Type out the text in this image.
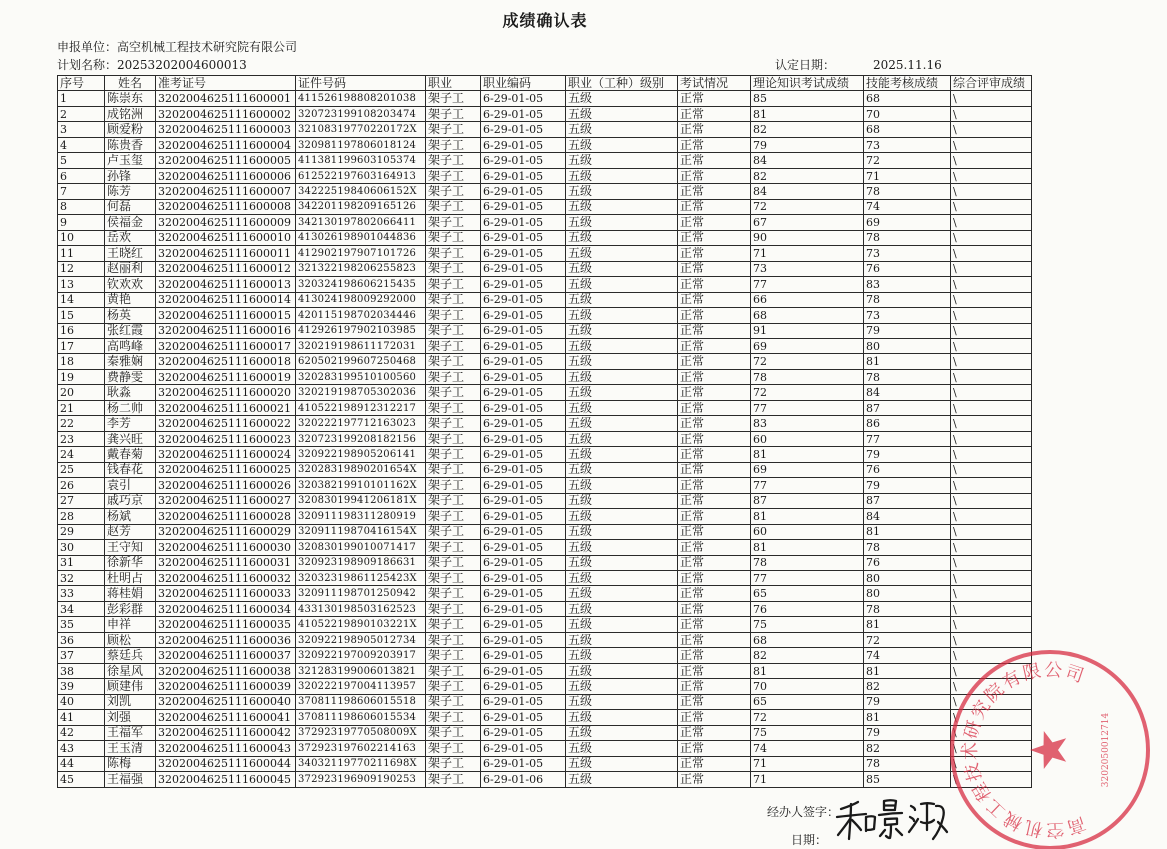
成绩确认表
申报单位：高空机械工程技术研究院有限公司
计划名称：20253202004600013	认定日期：	2025.11.16
序号	姓名	准考证号	证件号码	职业	职业编码	职业（工种）级别	考试情况	理论知识考试成绩	技能考核成绩	综合评审成绩
1	陈崇东	3202004625111600001	411526198808201038	架子工	6-29-01-05	五级	正常	85	68	\
2	成铭洲	3202004625111600002	320723199108203474	架子工	6-29-01-05	五级	正常	81	70	\
3	顾爱粉	3202004625111600003	32108319770220172X	架子工	6-29-01-05	五级	正常	82	68	\
4	陈贵香	3202004625111600004	320981197806018124	架子工	6-29-01-05	五级	正常	79	73	\
5	卢玉玺	3202004625111600005	411381199603105374	架子工	6-29-01-05	五级	正常	84	72	\
6	孙锋	3202004625111600006	612522197603164913	架子工	6-29-01-05	五级	正常	82	71	\
7	陈芳	3202004625111600007	34222519840606152X	架子工	6-29-01-05	五级	正常	84	78	\
8	何磊	3202004625111600008	342201198209165126	架子工	6-29-01-05	五级	正常	72	74	\
9	侯福金	3202004625111600009	342130197802066411	架子工	6-29-01-05	五级	正常	67	69	\
10	岳欢	3202004625111600010	413026198901044836	架子工	6-29-01-05	五级	正常	90	78	\
11	王晓红	3202004625111600011	412902197907101726	架子工	6-29-01-05	五级	正常	71	73	\
12	赵丽利	3202004625111600012	321322198206255823	架子工	6-29-01-05	五级	正常	73	76	\
13	钦欢欢	3202004625111600013	320324198606215435	架子工	6-29-01-05	五级	正常	77	83	\
14	黄艳	3202004625111600014	413024198009292000	架子工	6-29-01-05	五级	正常	66	78	\
15	杨英	3202004625111600015	420115198702034446	架子工	6-29-01-05	五级	正常	68	73	\
16	张红霞	3202004625111600016	412926197902103985	架子工	6-29-01-05	五级	正常	91	79	\
17	高鸣峰	3202004625111600017	320219198611172031	架子工	6-29-01-05	五级	正常	69	80	\
18	秦雅娴	3202004625111600018	620502199607250468	架子工	6-29-01-05	五级	正常	72	81	\
19	费静雯	3202004625111600019	320283199510100560	架子工	6-29-01-05	五级	正常	78	78	\
20	耿淼	3202004625111600020	320219198705302036	架子工	6-29-01-05	五级	正常	72	84	\
21	杨二帅	3202004625111600021	410522198912312217	架子工	6-29-01-05	五级	正常	77	87	\
22	李芳	3202004625111600022	320222197712163023	架子工	6-29-01-05	五级	正常	83	86	\
23	龚兴旺	3202004625111600023	320723199208182156	架子工	6-29-01-05	五级	正常	60	77	\
24	戴春菊	3202004625111600024	320922198905206141	架子工	6-29-01-05	五级	正常	81	79	\
25	钱春花	3202004625111600025	32028319890201654X	架子工	6-29-01-05	五级	正常	69	76	\
26	袁引	3202004625111600026	32038219910101162X	架子工	6-29-01-05	五级	正常	77	79	\
27	戚巧京	3202004625111600027	32083019941206181X	架子工	6-29-01-05	五级	正常	87	87	\
28	杨斌	3202004625111600028	320911198311280919	架子工	6-29-01-05	五级	正常	81	84	\
29	赵芳	3202004625111600029	32091119870416154X	架子工	6-29-01-05	五级	正常	60	81	\
30	王守知	3202004625111600030	320830199010071417	架子工	6-29-01-05	五级	正常	81	78	\
31	徐新华	3202004625111600031	320923198909186631	架子工	6-29-01-05	五级	正常	78	76	\
32	杜明占	3202004625111600032	32032319861125423X	架子工	6-29-01-05	五级	正常	77	80	\
33	蒋桂娟	3202004625111600033	320911198701250942	架子工	6-29-01-05	五级	正常	65	80	\
34	彭彩群	3202004625111600034	433130198503162523	架子工	6-29-01-05	五级	正常	76	78	\
35	申祥	3202004625111600035	41052219890103221X	架子工	6-29-01-05	五级	正常	75	81	\
36	顾松	3202004625111600036	320922198905012734	架子工	6-29-01-05	五级	正常	68	72	\
37	蔡廷兵	3202004625111600037	320922197009203917	架子工	6-29-01-05	五级	正常	82	74	\
38	徐星风	3202004625111600038	321283199006013821	架子工	6-29-01-05	五级	正常	81	81	\
39	顾建伟	3202004625111600039	320222197004113957	架子工	6-29-01-05	五级	正常	70	82	\
40	刘凯	3202004625111600040	370811198606015518	架子工	6-29-01-05	五级	正常	65	79	\
41	刘强	3202004625111600041	370811198606015534	架子工	6-29-01-05	五级	正常	72	81	\
42	王福军	3202004625111600042	37292319770508009X	架子工	6-29-01-05	五级	正常	75	79	\
43	王玉清	3202004625111600043	372923197602214163	架子工	6-29-01-05	五级	正常	74	82	\
44	陈梅	3202004625111600044	34032119770211698X	架子工	6-29-01-05	五级	正常	71	78	\
45	王福强	3202004625111600045	372923196909190253	架子工	6-29-01-06	五级	正常	71	85	\
经办人签字：
日期：
高空机械工程技术研究院有限公司
3202050012714
